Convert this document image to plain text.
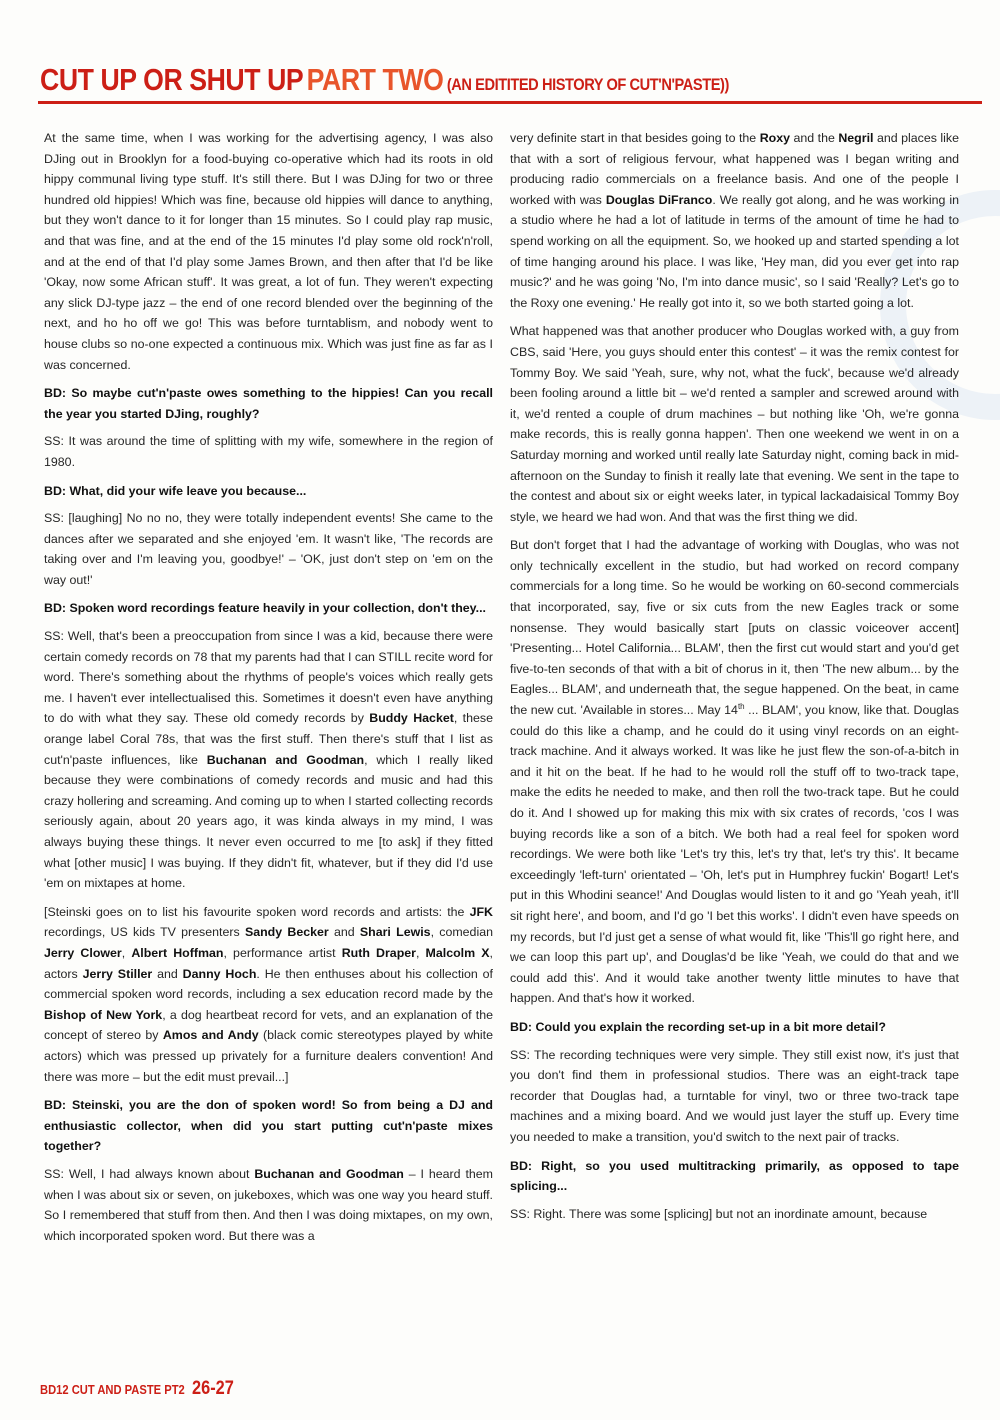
CUT UP OR SHUT UP PART TWO (AN EDITITED HISTORY OF CUT'N'PASTE))

At the same time, when I was working for the advertising agency, I was also DJing out in Brooklyn for a food-buying co-operative which had its roots in old hippy communal living type stuff. It's still there. But I was DJing for two or three hundred old hippies! Which was fine, because old hippies will dance to anything, but they won't dance to it for longer than 15 minutes. So I could play rap music, and that was fine, and at the end of the 15 minutes I'd play some old rock'n'roll, and at the end of that I'd play some James Brown, and then after that I'd be like 'Okay, now some African stuff'. It was great, a lot of fun. They weren't expecting any slick DJ-type jazz – the end of one record blended over the beginning of the next, and ho ho off we go! This was before turntablism, and nobody went to house clubs so no-one expected a continuous mix. Which was just fine as far as I was concerned.

BD: So maybe cut'n'paste owes something to the hippies! Can you recall the year you started DJing, roughly?

SS: It was around the time of splitting with my wife, somewhere in the region of 1980.

BD: What, did your wife leave you because...

SS: [laughing] No no no, they were totally independent events! She came to the dances after we separated and she enjoyed 'em. It wasn't like, 'The records are taking over and I'm leaving you, goodbye!' – 'OK, just don't step on 'em on the way out!'

BD: Spoken word recordings feature heavily in your collection, don't they...

SS: Well, that's been a preoccupation from since I was a kid, because there were certain comedy records on 78 that my parents had that I can STILL recite word for word. There's something about the rhythms of people's voices which really gets me. I haven't ever intellectualised this. Sometimes it doesn't even have anything to do with what they say. These old comedy records by Buddy Hacket, these orange label Coral 78s, that was the first stuff. Then there's stuff that I list as cut'n'paste influences, like Buchanan and Goodman, which I really liked because they were combinations of comedy records and music and had this crazy hollering and screaming. And coming up to when I started collecting records seriously again, about 20 years ago, it was kinda always in my mind, I was always buying these things. It never even occurred to me [to ask] if they fitted what [other music] I was buying. If they didn't fit, whatever, but if they did I'd use 'em on mixtapes at home.

[Steinski goes on to list his favourite spoken word records and artists: the JFK recordings, US kids TV presenters Sandy Becker and Shari Lewis, comedian Jerry Clower, Albert Hoffman, performance artist Ruth Draper, Malcolm X, actors Jerry Stiller and Danny Hoch. He then enthuses about his collection of commercial spoken word records, including a sex education record made by the Bishop of New York, a dog heartbeat record for vets, and an explanation of the concept of stereo by Amos and Andy (black comic stereotypes played by white actors) which was pressed up privately for a furniture dealers convention! And there was more – but the edit must prevail...]

BD: Steinski, you are the don of spoken word! So from being a DJ and enthusiastic collector, when did you start putting cut'n'paste mixes together?

SS: Well, I had always known about Buchanan and Goodman – I heard them when I was about six or seven, on jukeboxes, which was one way you heard stuff. So I remembered that stuff from then. And then I was doing mixtapes, on my own, which incorporated spoken word. But there was a

very definite start in that besides going to the Roxy and the Negril and places like that with a sort of religious fervour, what happened was I began writing and producing radio commercials on a freelance basis. And one of the people I worked with was Douglas DiFranco. We really got along, and he was working in a studio where he had a lot of latitude in terms of the amount of time he had to spend working on all the equipment. So, we hooked up and started spending a lot of time hanging around his place. I was like, 'Hey man, did you ever get into rap music?' and he was going 'No, I'm into dance music', so I said 'Really? Let's go to the Roxy one evening.' He really got into it, so we both started going a lot.

What happened was that another producer who Douglas worked with, a guy from CBS, said 'Here, you guys should enter this contest' – it was the remix contest for Tommy Boy. We said 'Yeah, sure, why not, what the fuck', because we'd already been fooling around a little bit – we'd rented a sampler and screwed around with it, we'd rented a couple of drum machines – but nothing like 'Oh, we're gonna make records, this is really gonna happen'. Then one weekend we went in on a Saturday morning and worked until really late Saturday night, coming back in mid-afternoon on the Sunday to finish it really late that evening. We sent in the tape to the contest and about six or eight weeks later, in typical lackadaisical Tommy Boy style, we heard we had won. And that was the first thing we did.

But don't forget that I had the advantage of working with Douglas, who was not only technically excellent in the studio, but had worked on record company commercials for a long time. So he would be working on 60-second commercials that incorporated, say, five or six cuts from the new Eagles track or some nonsense. They would basically start [puts on classic voiceover accent] 'Presenting... Hotel California... BLAM', then the first cut would start and you'd get five-to-ten seconds of that with a bit of chorus in it, then 'The new album... by the Eagles... BLAM', and underneath that, the segue happened. On the beat, in came the new cut. 'Available in stores... May 14th ... BLAM', you know, like that. Douglas could do this like a champ, and he could do it using vinyl records on an eight-track machine. And it always worked. It was like he just flew the son-of-a-bitch in and it hit on the beat. If he had to he would roll the stuff off to two-track tape, make the edits he needed to make, and then roll the two-track tape. But he could do it. And I showed up for making this mix with six crates of records, 'cos I was buying records like a son of a bitch. We both had a real feel for spoken word recordings. We were both like 'Let's try this, let's try that, let's try this'. It became exceedingly 'left-turn' orientated – 'Oh, let's put in Humphrey fuckin' Bogart! Let's put in this Whodini seance!' And Douglas would listen to it and go 'Yeah yeah, it'll sit right here', and boom, and I'd go 'I bet this works'. I didn't even have speeds on my records, but I'd just get a sense of what would fit, like 'This'll go right here, and we can loop this part up', and Douglas'd be like 'Yeah, we could do that and we could add this'. And it would take another twenty little minutes to have that happen. And that's how it worked.

BD: Could you explain the recording set-up in a bit more detail?

SS: The recording techniques were very simple. They still exist now, it's just that you don't find them in professional studios. There was an eight-track tape recorder that Douglas had, a turntable for vinyl, two or three two-track tape machines and a mixing board. And we would just layer the stuff up. Every time you needed to make a transition, you'd switch to the next pair of tracks.

BD: Right, so you used multitracking primarily, as opposed to tape splicing...

SS: Right. There was some [splicing] but not an inordinate amount, because

BD12 CUT AND PASTE PT2 26-27
